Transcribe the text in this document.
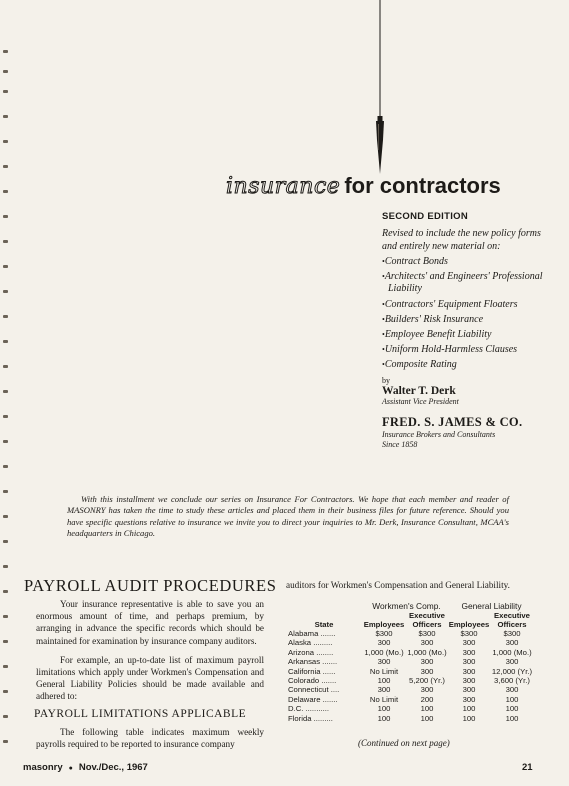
insurance for contractors
SECOND EDITION
Revised to include the new policy forms and entirely new material on:
• Contract Bonds
• Architects' and Engineers' Professional Liability
• Contractors' Equipment Floaters
• Builders' Risk Insurance
• Employee Benefit Liability
• Uniform Hold-Harmless Clauses
• Composite Rating
by
Walter T. Derk
Assistant Vice President
FRED. S. JAMES & CO.
Insurance Brokers and Consultants
Since 1858
With this installment we conclude our series on Insurance For Contractors. We hope that each member and reader of MASONRY has taken the time to study these articles and placed them in their business files for future reference. Should you have specific questions relative to insurance we invite you to direct your inquiries to Mr. Derk, Insurance Consultant, MCAA's headquarters in Chicago.
PAYROLL AUDIT PROCEDURES

Your insurance representative is able to save you an enormous amount of time, and perhaps premium, by arranging in advance the specific records which should be maintained for examination by insurance company auditors.

For example, an up-to-date list of maximum payroll limitations which apply under Workmen's Compensation and General Liability Policies should be made available and adhered to:

PAYROLL LIMITATIONS APPLICABLE

The following table indicates maximum weekly payrolls required to be reported to insurance company

auditors for Workmen's Compensation and General Liability.

Workmen's Comp.	General Liability
State	Employees	Executive Officers	Employees	Executive Officers
Alabama .......	$300	$300	$300	$300
Alaska .........	300	300	300	300
Arizona ........	1,000 (Mo.)	1,000 (Mo.)	300	1,000 (Mo.)
Arkansas .......	300	300	300	300
California ......	No Limit	300	300	12,000 (Yr.)
Colorado .......	100	5,200 (Yr.)	300	3,600 (Yr.)
Connecticut ....	300	300	300	300
Delaware .......	No Limit	200	300	100
D.C. ...........	100	100	100	100
Florida .........	100	100	100	100
(Continued on next page)
masonry ● Nov./Dec., 1967	21
